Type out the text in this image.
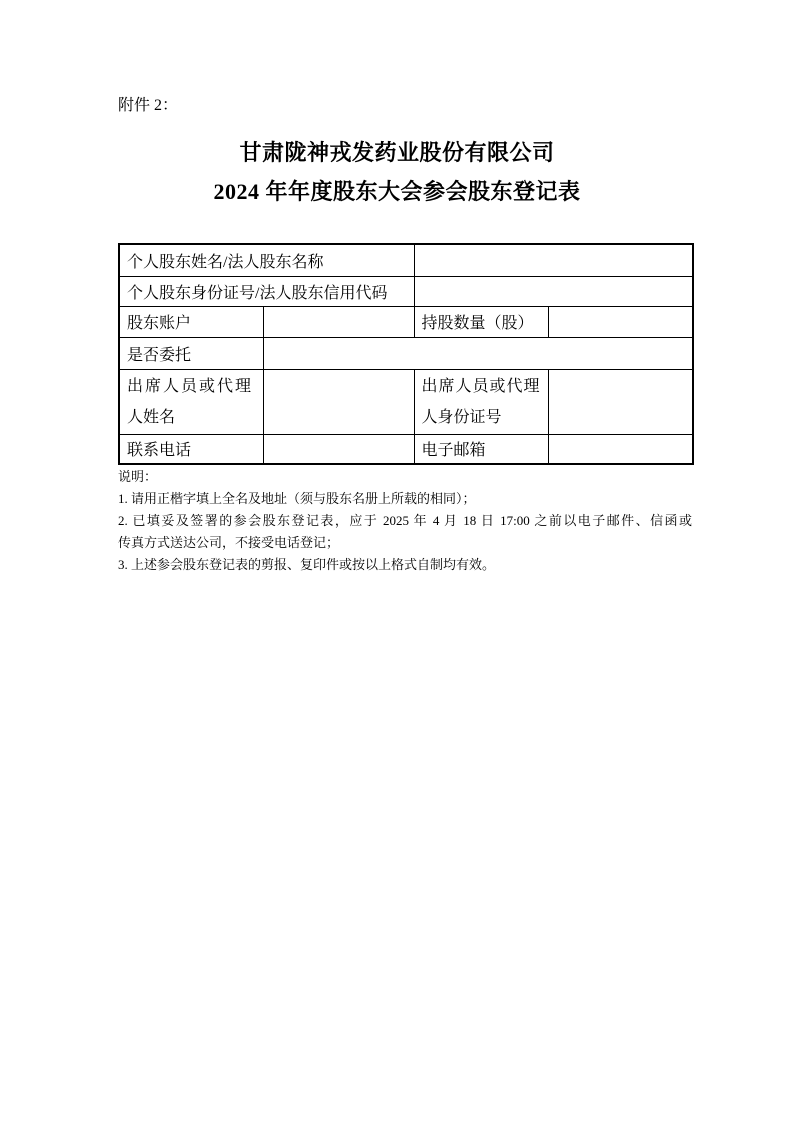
附件 2：
甘肃陇神戎发药业股份有限公司
2024 年年度股东大会参会股东登记表
个人股东姓名/法人股东名称			
个人股东身份证号/法人股东信用代码			
股东账户		持股数量（股）	
是否委托			

出席人员或代理
人姓名		出席人员或代理
人身份证号	

联系电话		电子邮箱	
说明：
1. 请用正楷字填上全名及地址（须与股东名册上所载的相同）；
2. 已填妥及签署的参会股东登记表，应于 2025 年 4 月 18 日 17:00 之前以电子邮件、信函或
传真方式送达公司，不接受电话登记；
3. 上述参会股东登记表的剪报、复印件或按以上格式自制均有效。
